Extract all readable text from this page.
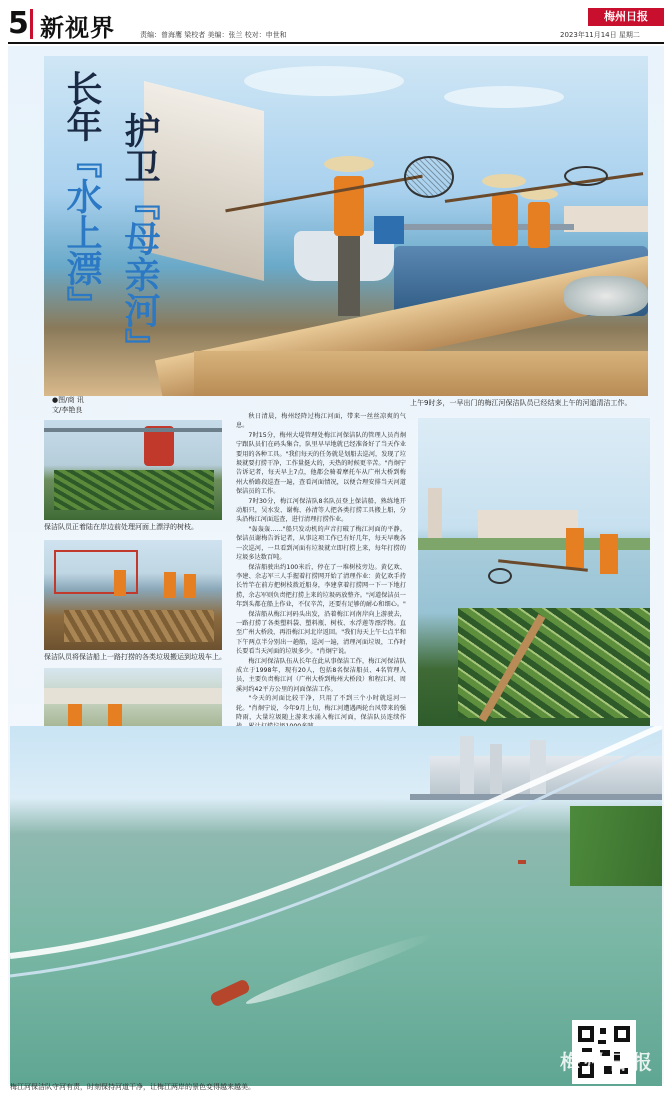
5 新视界	责编：曾海鹰 梁校者 美编：张兰 校对：申世和
梅州日报
2023年11月14日 星期二
长年『水上漂』 护卫『母亲河』
●图/商 讯
文/李艳良
上午9时多，一早出门的梅江河保洁队员已经结束上午的河道清洁工作。
保洁队员正着陆在岸边前处理河面上漂浮的树枝。
保洁队员将保洁船上一路打捞的各类垃圾搬运到垃圾车上。

秋日清晨，梅州经降过梅江河面，带来一丝丝凉爽的气息。

7时15分，梅州大堤管理处梅江河保洁队的管理人员肖炯宁跟队员们在码头集合，队里早早地就已经准备好了当天作业要用的各种工具。"我们每天的任务就是划船去巡河，发现了垃圾就要打捞干净，工作量挺大的，天热的时候更辛苦。"肖炯宁告诉记者，每天早上7点，他都会骑着摩托车从广州大桥到梅州大桥路段巡查一遍，查看河面情况，以便合理安排当天河道保洁员的工作。

7时30分，梅江河保洁队8名队员登上保洁船，熟练地开动船只，吴水发、谢梅、孙清等人把各类打捞工具搬上船，分头沿梅江河面巡查，进行清理打捞作业。

"轰轰轰……"船只发动机的声音打破了梅江河面的平静。保洁员谢梅告诉记者，从事这项工作已有好几年，每天早晚各一次巡河，一旦看到河面有垃圾就立即打捞上来，每年打捞的垃圾多达数百吨。

保洁船驶出约100米后，停在了一堆树枝旁边。黄亿欢、李建、余志军三人手握着打捞网开始了清理作业：黄亿欢手持长竹竿在前方把树枝拨近船身，李建拿着打捞网一下一下地打捞，余志军则负责把打捞上来的垃圾码放整齐。"河道保洁员一年到头都在船上作业，不仅辛苦，还要有足够的耐心和细心。"

保洁船从梅江河码头出发，沿着梅江河南岸向上游驶去，一路打捞了各类塑料袋、塑料瓶、树枝、水浮莲等漂浮物。直至广州大桥段，再沿梅江河北岸返回。"我们每天上午七点半和下午两点半分别出一趟船，巡河一遍，清理河面垃圾，工作时长要看当天河面的垃圾多少。"肖炯宁说。

梅江河保洁队伍从长年在此从事保洁工作，梅江河保洁队成立于1998年，现有20人，包括8名保洁船员、4名管理人员，主要负责梅江河（广州大桥到梅州大桥段）和程江河、周溪河约42平方公里的河面保洁工作。

"今天的河面比较干净，只用了不到三个小时就巡河一轮。"肖炯宁说，今年9月上旬，梅江河遭遇两轮台风带来的强降雨，大量垃圾随上游来水涌入梅江河面，保洁队员连续作

梅州日报
梅江河保洁队守河有责，时刻保持河道干净，让梅江两岸的景色变得越来越美。
